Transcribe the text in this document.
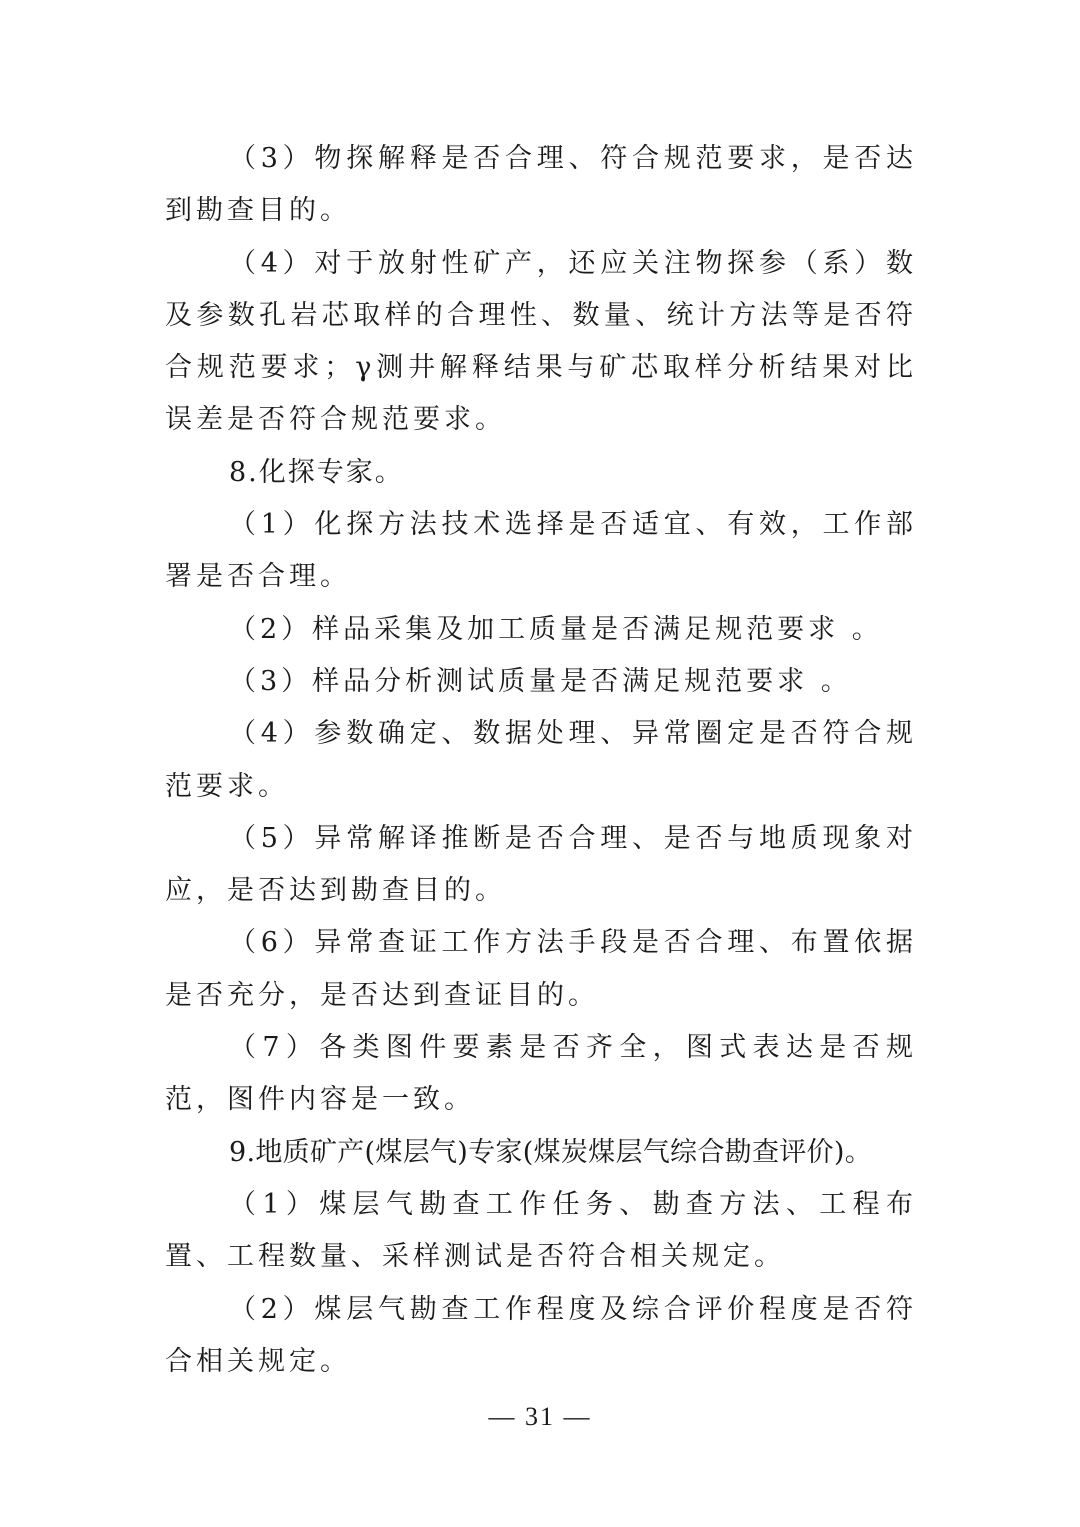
（3）物探解释是否合理、符合规范要求，是否达到勘查目的。

（4）对于放射性矿产，还应关注物探参（系）数及参数孔岩芯取样的合理性、数量、统计方法等是否符合规范要求；γ测井解释结果与矿芯取样分析结果对比误差是否符合规范要求。

8.化探专家。

（1）化探方法技术选择是否适宜、有效，工作部署是否合理。

（2）样品采集及加工质量是否满足规范要求 。

（3）样品分析测试质量是否满足规范要求 。

（4）参数确定、数据处理、异常圈定是否符合规范要求。

（5）异常解译推断是否合理、是否与地质现象对应，是否达到勘查目的。

（6）异常查证工作方法手段是否合理、布置依据是否充分，是否达到查证目的。

（7）各类图件要素是否齐全，图式表达是否规范，图件内容是一致。

9.地质矿产(煤层气)专家(煤炭煤层气综合勘查评价)。

（1）煤层气勘查工作任务、勘查方法、工程布置、工程数量、采样测试是否符合相关规定。

（2）煤层气勘查工作程度及综合评价程度是否符合相关规定。

— 31 —
